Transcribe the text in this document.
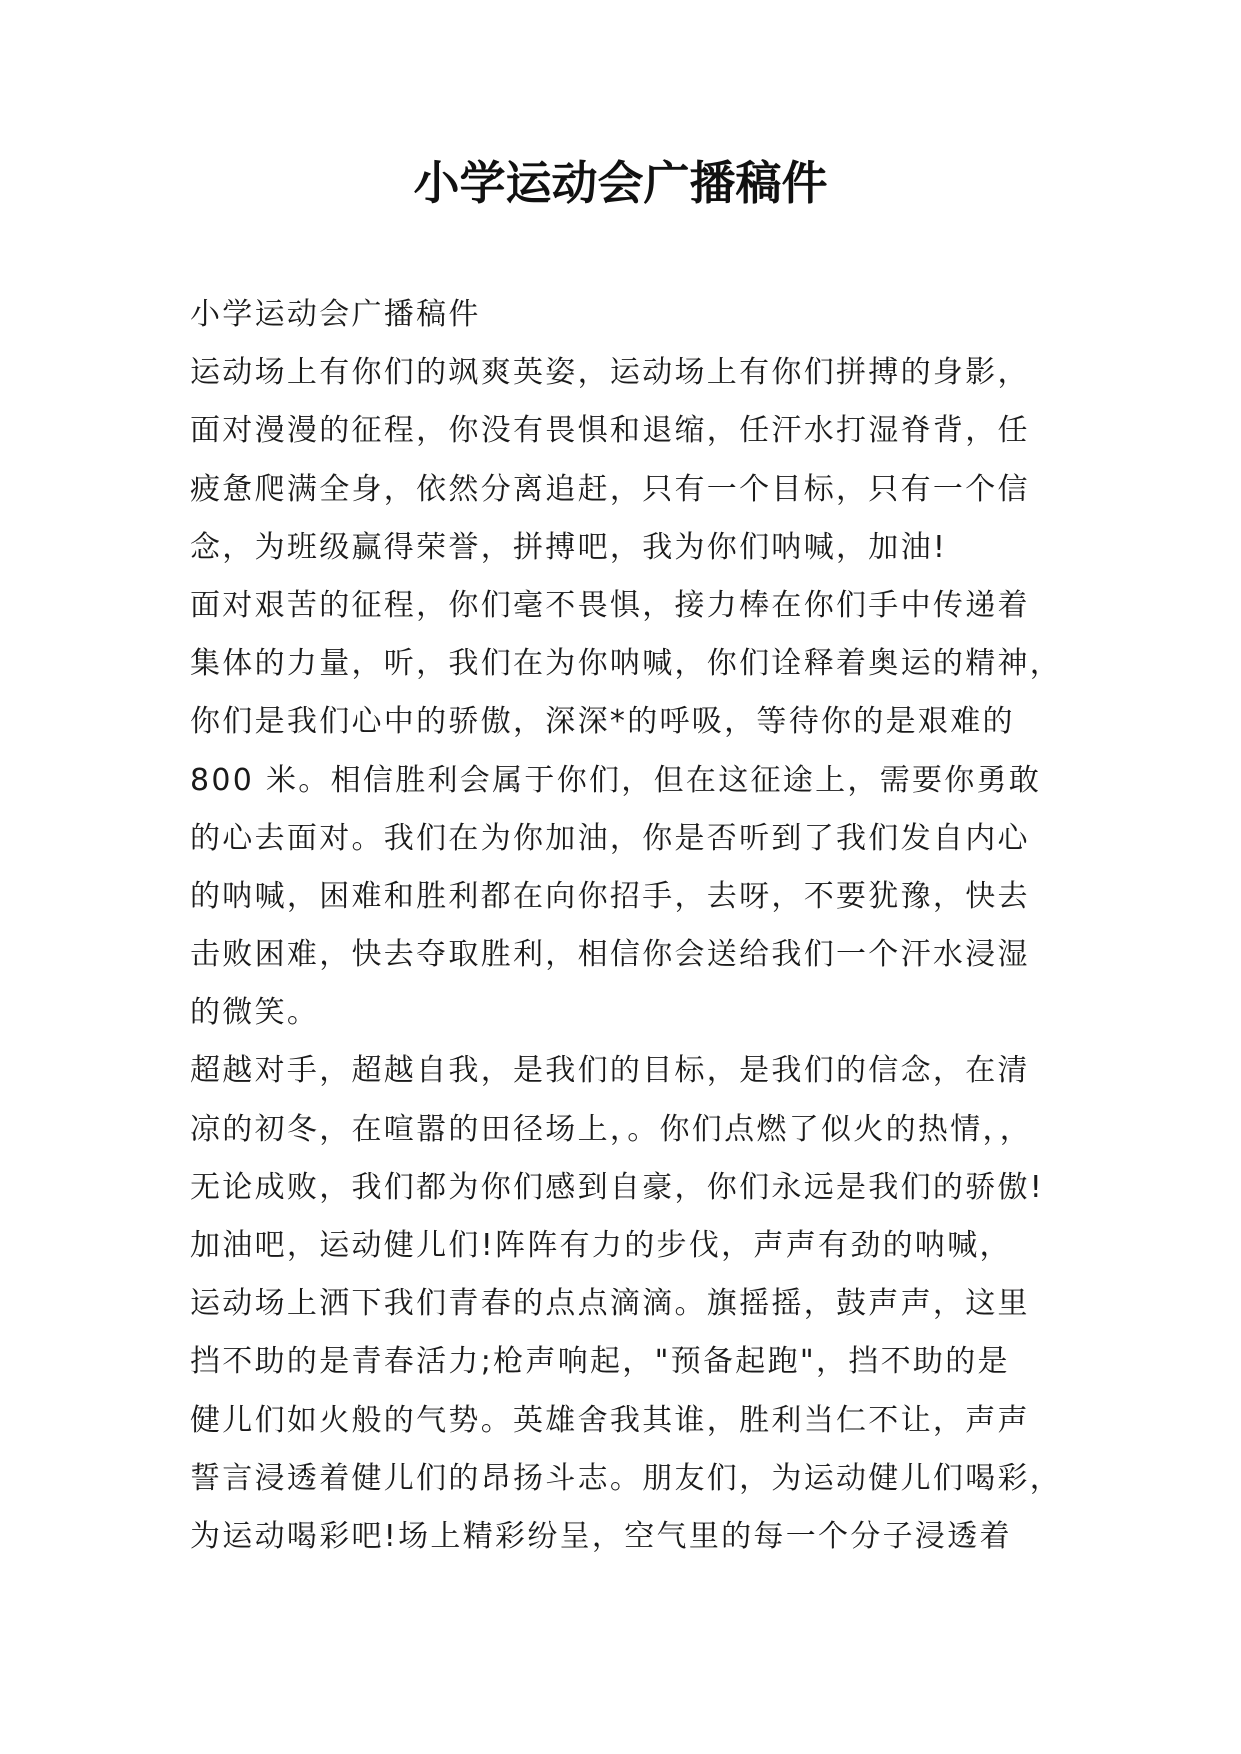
小学运动会广播稿件
小学运动会广播稿件
运动场上有你们的飒爽英姿，运动场上有你们拼搏的身影，
面对漫漫的征程，你没有畏惧和退缩，任汗水打湿脊背，任
疲惫爬满全身，依然分离追赶，只有一个目标，只有一个信
念，为班级赢得荣誉，拼搏吧，我为你们呐喊，加油!
面对艰苦的征程，你们毫不畏惧，接力棒在你们手中传递着
集体的力量，听，我们在为你呐喊，你们诠释着奥运的精神，
你们是我们心中的骄傲，深深*的呼吸，等待你的是艰难的
800 米。相信胜利会属于你们，但在这征途上，需要你勇敢
的心去面对。我们在为你加油，你是否听到了我们发自内心
的呐喊，困难和胜利都在向你招手，去呀，不要犹豫，快去
击败困难，快去夺取胜利，相信你会送给我们一个汗水浸湿
的微笑。
超越对手，超越自我，是我们的目标，是我们的信念，在清
凉的初冬，在喧嚣的田径场上，。你们点燃了似火的热情，，
无论成败，我们都为你们感到自豪，你们永远是我们的骄傲!
加油吧，运动健儿们!阵阵有力的步伐，声声有劲的呐喊，
运动场上洒下我们青春的点点滴滴。旗摇摇，鼓声声，这里
挡不助的是青春活力;枪声响起，"预备起跑"，挡不助的是
健儿们如火般的气势。英雄舍我其谁，胜利当仁不让，声声
誓言浸透着健儿们的昂扬斗志。朋友们，为运动健儿们喝彩，
为运动喝彩吧!场上精彩纷呈，空气里的每一个分子浸透着
